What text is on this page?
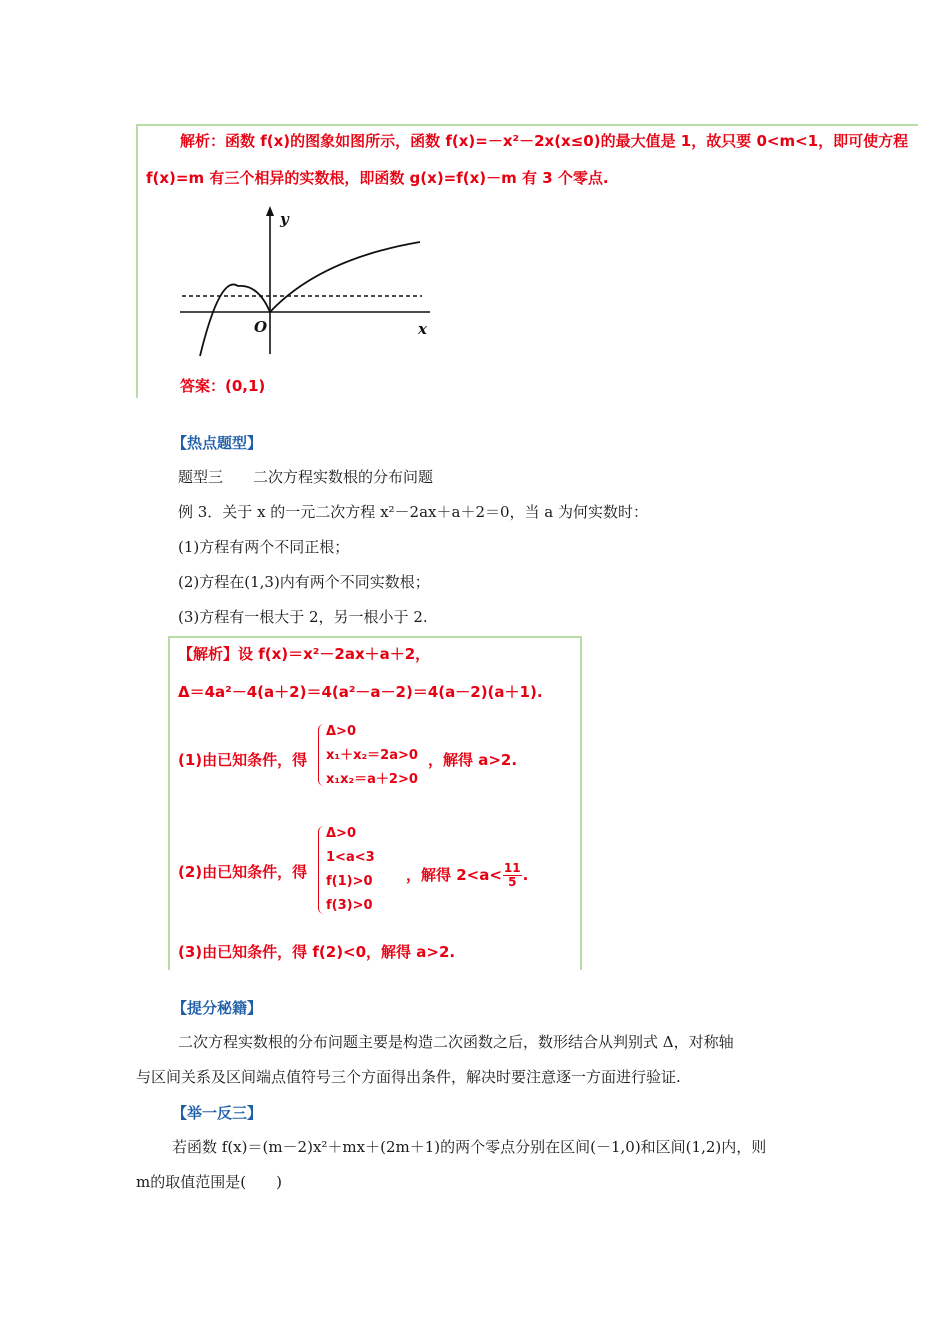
解析：函数 f(x)的图象如图所示，函数 f(x)=－x²－2x(x≤0)的最大值是 1，故只要 0<m<1，即可使方程
f(x)=m 有三个相异的实数根，即函数 g(x)=f(x)－m 有 3 个零点.
y
x
O
答案：(0,1)
【热点题型】
题型三　　二次方程实数根的分布问题
例 3．关于 x 的一元二次方程 x²－2ax＋a＋2＝0，当 a 为何实数时：
(1)方程有两个不同正根；
(2)方程在(1,3)内有两个不同实数根；
(3)方程有一根大于 2，另一根小于 2.
【解析】设 f(x)＝x²－2ax＋a＋2，
Δ＝4a²－4(a＋2)＝4(a²－a－2)＝4(a－2)(a＋1).
(1)由已知条件，得
Δ>0
x₁＋x₂＝2a>0
x₁x₂＝a＋2>0
，解得 a>2.
(2)由已知条件，得
Δ>0
1<a<3
f(1)>0
f(3)>0
，解得 $2<a< \frac{11}{5}$ .
(3)由已知条件，得 f(2)<0，解得 a>2.
【提分秘籍】
二次方程实数根的分布问题主要是构造二次函数之后，数形结合从判别式 Δ，对称轴
与区间关系及区间端点值符号三个方面得出条件，解决时要注意逐一方面进行验证.
【举一反三】
若函数 f(x)＝(m－2)x²＋mx＋(2m＋1)的两个零点分别在区间(－1,0)和区间(1,2)内，则
m的取值范围是(　　)
